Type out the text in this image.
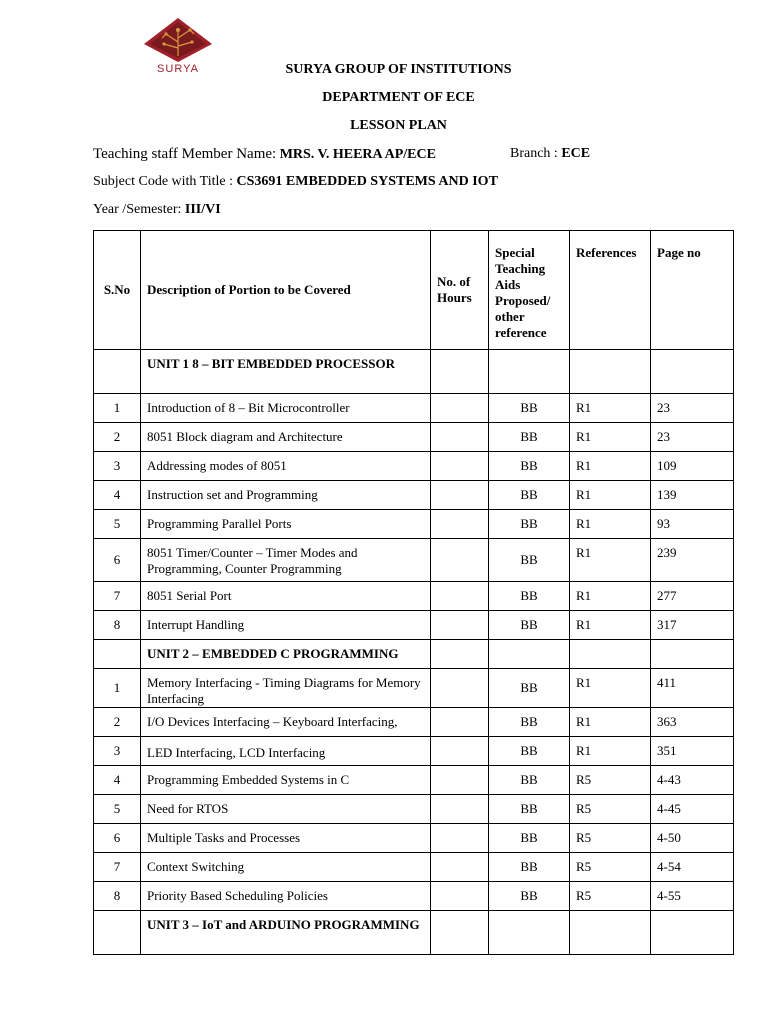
SURYA	SURYA GROUP OF INSTITUTIONS
DEPARTMENT OF ECE
LESSON PLAN
Teaching staff Member Name: MRS. V. HEERA AP/ECE	Branch : ECE
Subject Code with Title : CS3691 EMBEDDED SYSTEMS AND IOT
Year /Semester: III/VI
S.No	Description of Portion to be Covered	No. of Hours	Special Teaching Aids Proposed/ other reference	References	Page no
	UNIT 1 8 – BIT EMBEDDED PROCESSOR				
1	Introduction of 8 – Bit Microcontroller		BB	R1	23
2	8051 Block diagram and Architecture		BB	R1	23
3	Addressing modes of 8051		BB	R1	109
4	Instruction set and Programming		BB	R1	139
5	Programming Parallel Ports		BB	R1	93
6	8051 Timer/Counter – Timer Modes and Programming, Counter Programming		BB	R1	239
7	8051 Serial Port		BB	R1	277
8	Interrupt Handling		BB	R1	317
	UNIT 2 – EMBEDDED C PROGRAMMING				
1	Memory Interfacing - Timing Diagrams for Memory Interfacing		BB	R1	411
2	I/O Devices Interfacing – Keyboard Interfacing,		BB	R1	363
3	LED Interfacing, LCD Interfacing		BB	R1	351
4	Programming Embedded Systems in C		BB	R5	4-43
5	Need for RTOS		BB	R5	4-45
6	Multiple Tasks and Processes		BB	R5	4-50
7	Context Switching		BB	R5	4-54
8	Priority Based Scheduling Policies		BB	R5	4-55
	UNIT 3 – IoT and ARDUINO PROGRAMMING				
